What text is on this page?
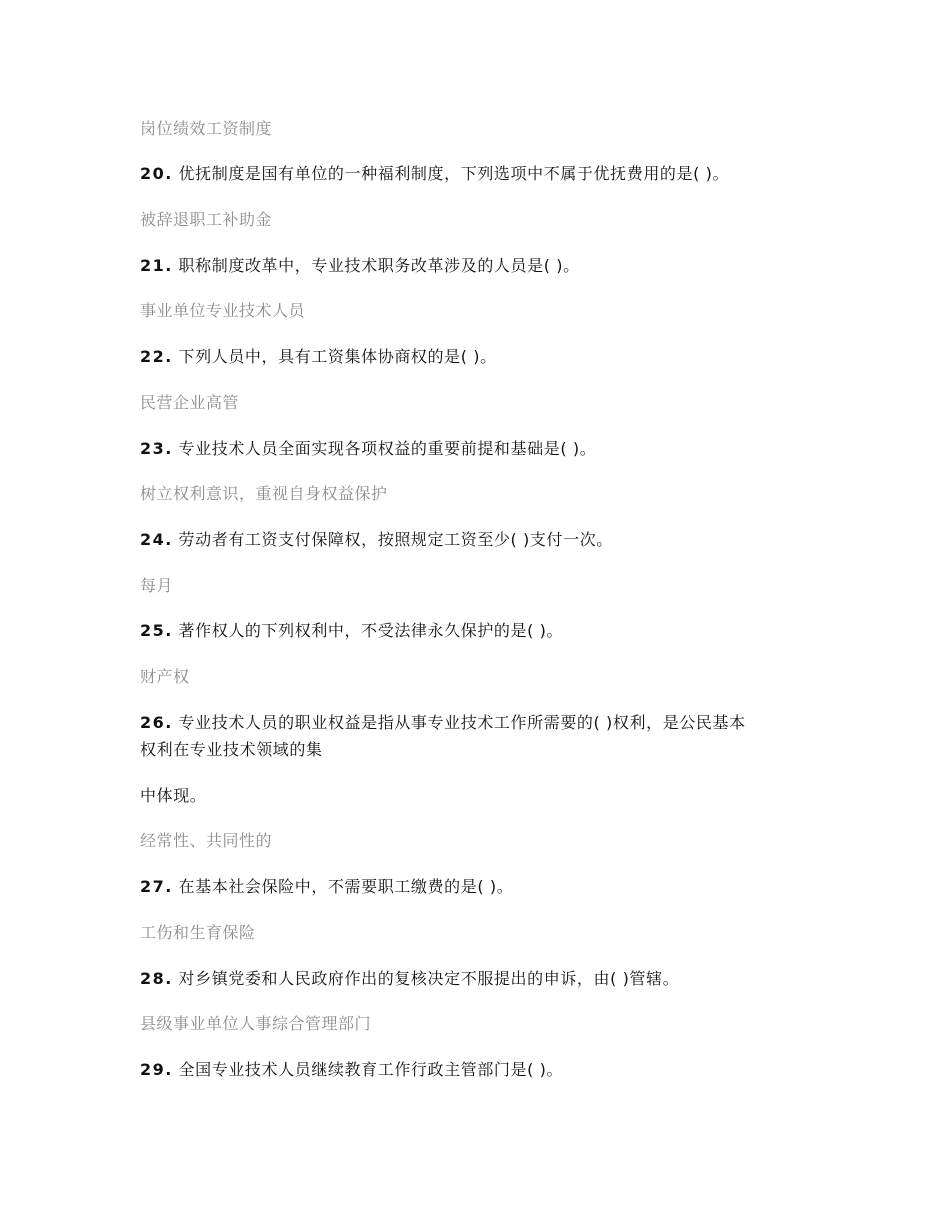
岗位绩效工资制度
20. 优抚制度是国有单位的一种福利制度，下列选项中不属于优抚费用的是( )。
被辞退职工补助金
21. 职称制度改革中，专业技术职务改革涉及的人员是( )。
事业单位专业技术人员
22. 下列人员中，具有工资集体协商权的是( )。
民营企业高管
23. 专业技术人员全面实现各项权益的重要前提和基础是( )。
树立权利意识，重视自身权益保护
24. 劳动者有工资支付保障权，按照规定工资至少( )支付一次。
每月
25. 著作权人的下列权利中，不受法律永久保护的是( )。
财产权
26. 专业技术人员的职业权益是指从事专业技术工作所需要的( )权利，是公民基本
权利在专业技术领域的集
中体现。
经常性、共同性的
27. 在基本社会保险中，不需要职工缴费的是( )。
工伤和生育保险
28. 对乡镇党委和人民政府作出的复核决定不服提出的申诉，由( )管辖。
县级事业单位人事综合管理部门
29. 全国专业技术人员继续教育工作行政主管部门是( )。
